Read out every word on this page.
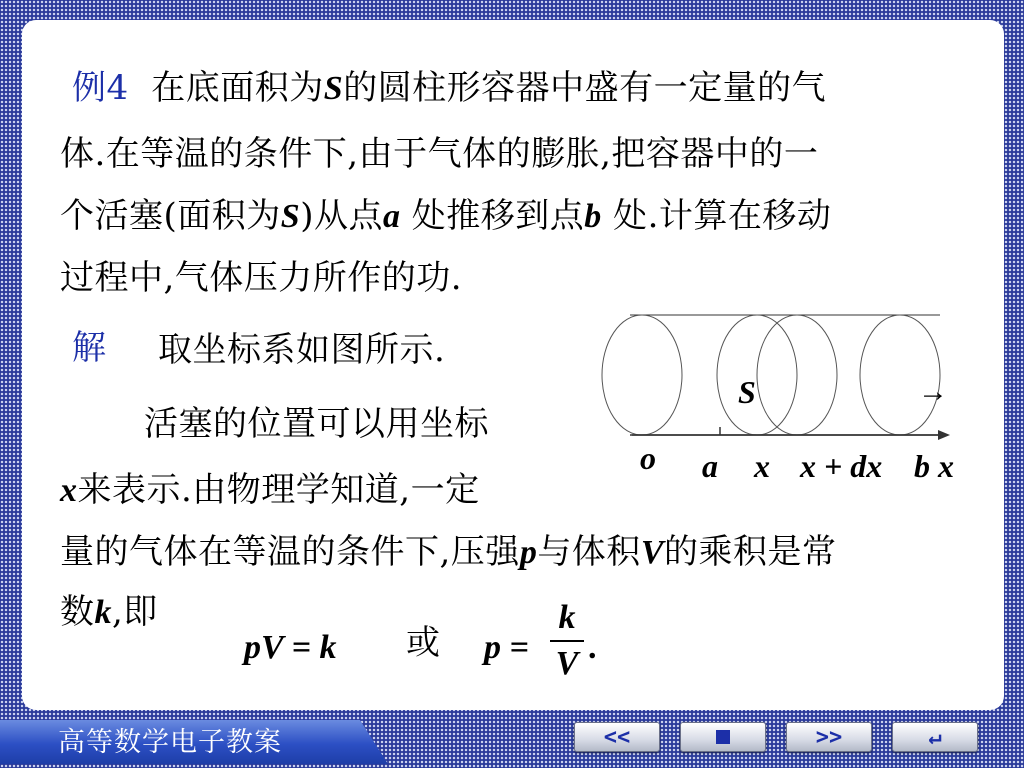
例4 在底面积为S的圆柱形容器中盛有一定量的气
体.在等温的条件下,由于气体的膨胀,把容器中的一
个活塞(面积为S)从点a 处推移到点b 处.计算在移动
过程中,气体压力所作的功.
解 取坐标系如图所示.
活塞的位置可以用坐标
x来表示.由物理学知道,一定
量的气体在等温的条件下,压强p与体积V的乘积是常
数k,即
S	→
o a x x + dx b x
pV = k 或 p =
k
V .
高等数学电子教案	<<	>>	↵
